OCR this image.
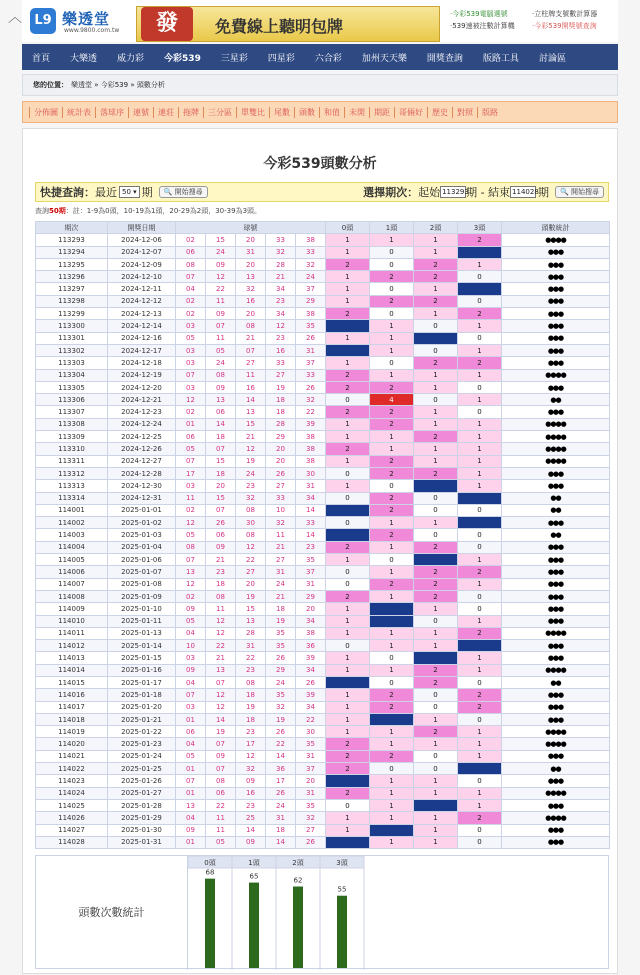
︿ L9 樂透堂
www.9800.com.tw	發	免費線上聽明包牌
·今彩539電腦選號	·立柱牌支號數計算器
·539速被注數計算機 ·今彩539開獎號查詢
首頁	大樂透	威力彩	今彩539	三星彩	四星彩	六合彩	加州天天樂	開獎查詢	版路工具	討論區
您的位置： 樂透堂 » 今彩539 » 頭數分析
分佈圖	統計表	落球序	連號	連莊	拖牌	三分區	單雙比	尾數	頭數	和值	未開	期距	哥倆好	歷史	對照	版路
今彩539頭數分析
快捷查詢： 最近 50 ▾ 期	🔍 開始搜尋	選擇期次： 起始 113293
期 - 結束 114028 期	🔍 開始搜尋
查詢50期：註：1-9為0頭，10-19為1頭，20-29為2頭，30-39為3頭。
期次	開獎日期	球號					0頭	1頭	2頭	3頭	頭數統計
113293	2024-12-06	02	15	20	33	38	1	1	1	2	●●●●
113294	2024-12-07	06	24	31	32	33	1	0	1	3	●●●
113295	2024-12-09	08	09	20	28	32	2	0	2	1	●●●
113296	2024-12-10	07	12	13	21	24	1	2	2	0	●●●
113297	2024-12-11	04	22	32	34	37	1	0	1	3	●●●
113298	2024-12-12	02	11	16	23	29	1	2	2	0	●●●
113299	2024-12-13	02	09	20	34	38	2	0	1	2	●●●
113300	2024-12-14	03	07	08	12	35	3	1	0	1	●●●
113301	2024-12-16	05	11	21	23	26	1	1	3	0	●●●
113302	2024-12-17	03	05	07	16	31	3	1	0	1	●●●
113303	2024-12-18	03	24	27	33	37	1	0	2	2	●●●
113304	2024-12-19	07	08	11	27	33	2	1	1	1	●●●●
113305	2024-12-20	03	09	16	19	26	2	2	1	0	●●●
113306	2024-12-21	12	13	14	18	32	0	4	0	1	●●
113307	2024-12-23	02	06	13	18	22	2	2	1	0	●●●
113308	2024-12-24	01	14	15	28	39	1	2	1	1	●●●●
113309	2024-12-25	06	18	21	29	38	1	1	2	1	●●●●
113310	2024-12-26	05	07	12	20	38	2	1	1	1	●●●●
113311	2024-12-27	07	15	19	20	38	1	2	1	1	●●●●
113312	2024-12-28	17	18	24	26	30	0	2	2	1	●●●
113313	2024-12-30	03	20	23	27	31	1	0	3	1	●●●
113314	2024-12-31	11	15	32	33	34	0	2	0	3	●●
114001	2025-01-01	02	07	08	10	14	3	2	0	0	●●
114002	2025-01-02	12	26	30	32	33	0	1	1	3	●●●
114003	2025-01-03	05	06	08	11	14	3	2	0	0	●●
114004	2025-01-04	08	09	12	21	23	2	1	2	0	●●●
114005	2025-01-06	07	21	22	27	35	1	0	3	1	●●●
114006	2025-01-07	13	23	27	31	37	0	1	2	2	●●●
114007	2025-01-08	12	18	20	24	31	0	2	2	1	●●●
114008	2025-01-09	02	08	19	21	29	2	1	2	0	●●●
114009	2025-01-10	09	11	15	18	20	1	3	1	0	●●●
114010	2025-01-11	05	12	13	19	34	1	3	0	1	●●●
114011	2025-01-13	04	12	28	35	38	1	1	1	2	●●●●
114012	2025-01-14	10	22	31	35	36	0	1	1	3	●●●
114013	2025-01-15	03	21	22	26	39	1	0	3	1	●●●
114014	2025-01-16	09	13	23	29	34	1	1	2	1	●●●●
114015	2025-01-17	04	07	08	24	26	3	0	2	0	●●
114016	2025-01-18	07	12	18	35	39	1	2	0	2	●●●
114017	2025-01-20	03	12	19	32	34	1	2	0	2	●●●
114018	2025-01-21	01	14	18	19	22	1	3	1	0	●●●
114019	2025-01-22	06	19	23	26	30	1	1	2	1	●●●●
114020	2025-01-23	04	07	17	22	35	2	1	1	1	●●●●
114021	2025-01-24	05	09	12	14	31	2	2	0	1	●●●
114022	2025-01-25	01	07	32	36	37	2	0	0	3	●●
114023	2025-01-26	07	08	09	17	20	3	1	1	0	●●●
114024	2025-01-27	01	06	16	26	31	2	1	1	1	●●●●
114025	2025-01-28	13	22	23	24	35	0	1	3	1	●●●
114026	2025-01-29	04	11	25	31	32	1	1	1	2	●●●●
114027	2025-01-30	09	11	14	18	27	1	3	1	0	●●●
114028	2025-01-31	01	05	09	14	26	3	1	1	0	●●●
頭數次數統計
0頭
68
1頭
65
2頭
62
3頭
55
